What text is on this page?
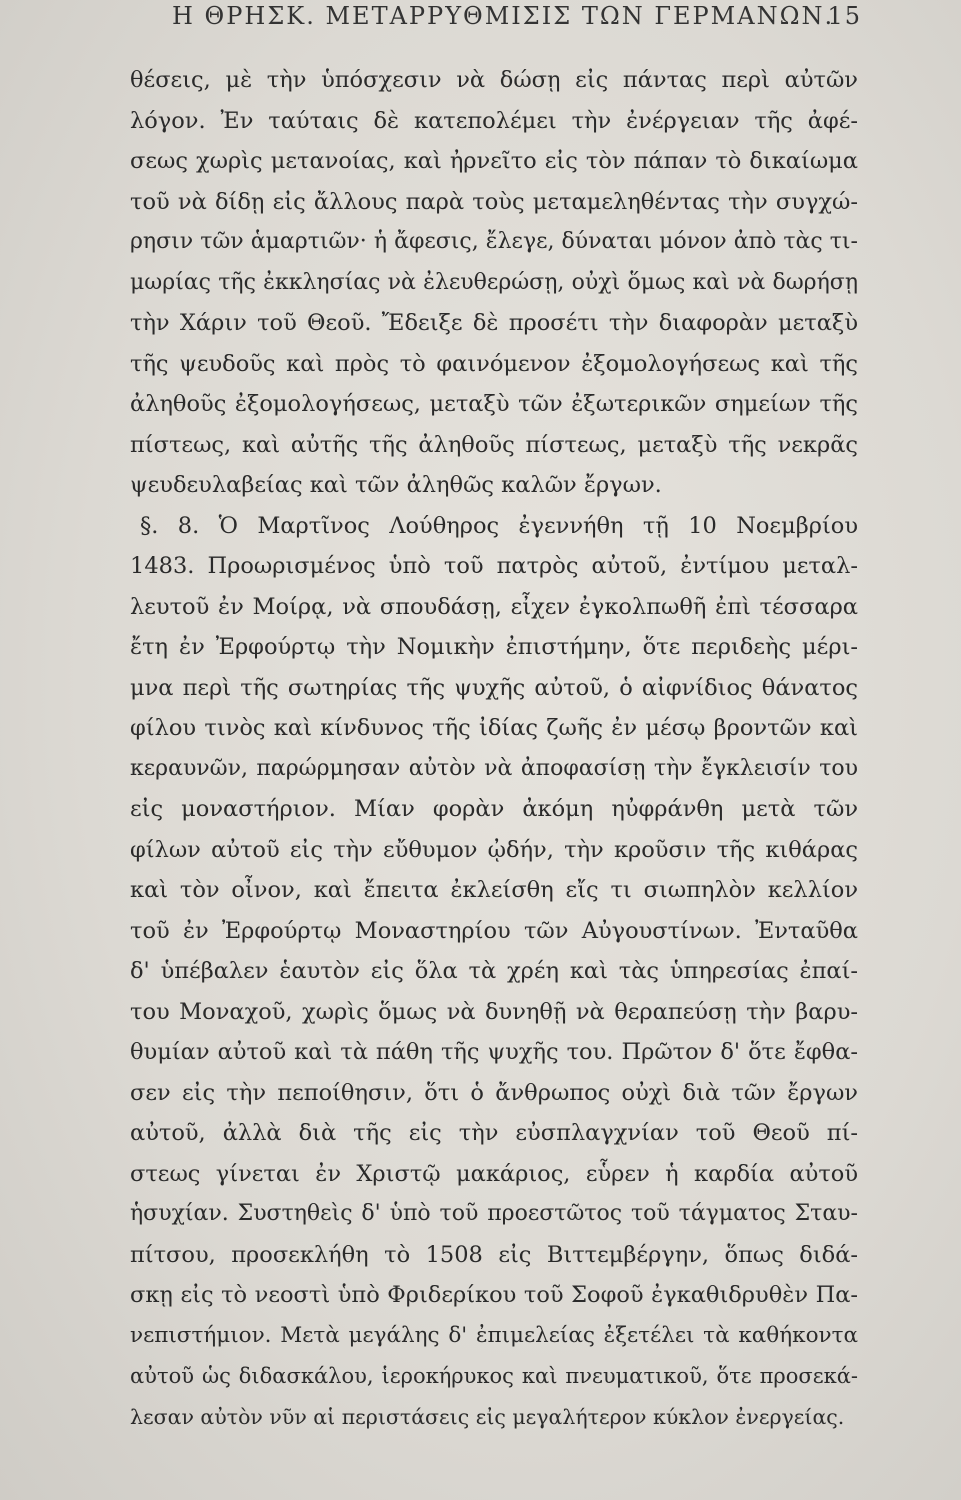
Η ΘΡΗΣΚ. ΜΕΤΑΡΡΥΘΜΙΣΙΣ ΤΩΝ ΓΕΡΜΑΝΩΝ.
15
θέσεις, μὲ τὴν ὑπόσχεσιν νὰ δώσῃ εἰς πάντας περὶ αὐτῶν
λόγον. Ἐν ταύταις δὲ κατεπολέμει τὴν ἐνέργειαν τῆς ἀφέ-
σεως χωρὶς μετανοίας, καὶ ἠρνεῖτο εἰς τὸν πάπαν τὸ δικαίωμα
τοῦ νὰ δίδῃ εἰς ἄλλους παρὰ τοὺς μεταμεληθέντας τὴν συγχώ-
ρησιν τῶν ἁμαρτιῶν· ἡ ἄφεσις, ἔλεγε, δύναται μόνον ἀπὸ τὰς τι-
μωρίας τῆς ἐκκλησίας νὰ ἐλευθερώσῃ, οὐχὶ ὅμως καὶ νὰ δωρήσῃ
τὴν Χάριν τοῦ Θεοῦ. Ἔδειξε δὲ προσέτι τὴν διαφορὰν μεταξὺ
τῆς ψευδοῦς καὶ πρὸς τὸ φαινόμενον ἐξομολογήσεως καὶ τῆς
ἀληθοῦς ἐξομολογήσεως, μεταξὺ τῶν ἐξωτερικῶν σημείων τῆς
πίστεως, καὶ αὐτῆς τῆς ἀληθοῦς πίστεως, μεταξὺ τῆς νεκρᾶς
ψευδευλαβείας καὶ τῶν ἀληθῶς καλῶν ἔργων.
§. 8. Ὁ Μαρτῖνος Λούθηρος ἐγεννήθη τῇ 10 Νοεμβρίου
1483. Προωρισμένος ὑπὸ τοῦ πατρὸς αὐτοῦ, ἐντίμου μεταλ-
λευτοῦ ἐν Μοίρᾳ, νὰ σπουδάσῃ, εἶχεν ἐγκολπωθῆ ἐπὶ τέσσαρα
ἔτη ἐν Ἐρφούρτῳ τὴν Νομικὴν ἐπιστήμην, ὅτε περιδεὴς μέρι-
μνα περὶ τῆς σωτηρίας τῆς ψυχῆς αὐτοῦ, ὁ αἰφνίδιος θάνατος
φίλου τινὸς καὶ κίνδυνος τῆς ἰδίας ζωῆς ἐν μέσῳ βροντῶν καὶ
κεραυνῶν, παρώρμησαν αὐτὸν νὰ ἀποφασίσῃ τὴν ἔγκλεισίν του
εἰς μοναστήριον. Μίαν φορὰν ἀκόμη ηὐφράνθη μετὰ τῶν
φίλων αὐτοῦ εἰς τὴν εὔθυμον ᾠδήν, τὴν κροῦσιν τῆς κιθάρας
καὶ τὸν οἶνον, καὶ ἔπειτα ἐκλείσθη εἴς τι σιωπηλὸν κελλίον
τοῦ ἐν Ἐρφούρτῳ Μοναστηρίου τῶν Αὐγουστίνων. Ἐνταῦθα
δ' ὑπέβαλεν ἑαυτὸν εἰς ὅλα τὰ χρέη καὶ τὰς ὑπηρεσίας ἐπαί-
του Μοναχοῦ, χωρὶς ὅμως νὰ δυνηθῇ νὰ θεραπεύσῃ τὴν βαρυ-
θυμίαν αὐτοῦ καὶ τὰ πάθη τῆς ψυχῆς του. Πρῶτον δ' ὅτε ἔφθα-
σεν εἰς τὴν πεποίθησιν, ὅτι ὁ ἄνθρωπος οὐχὶ διὰ τῶν ἔργων
αὐτοῦ, ἀλλὰ διὰ τῆς εἰς τὴν εὐσπλαγχνίαν τοῦ Θεοῦ πί-
στεως γίνεται ἐν Χριστῷ μακάριος, εὗρεν ἡ καρδία αὐτοῦ
ἡσυχίαν. Συστηθεὶς δ' ὑπὸ τοῦ προεστῶτος τοῦ τάγματος Σταυ-
πίτσου, προσεκλήθη τὸ 1508 εἰς Βιττεμβέργην, ὅπως διδά-
σκῃ εἰς τὸ νεοστὶ ὑπὸ Φριδερίκου τοῦ Σοφοῦ ἐγκαθιδρυθὲν Πα-
νεπιστήμιον. Μετὰ μεγάλης δ' ἐπιμελείας ἐξετέλει τὰ καθήκοντα
αὐτοῦ ὡς διδασκάλου, ἱεροκήρυκος καὶ πνευματικοῦ, ὅτε προσεκά-
λεσαν αὐτὸν νῦν αἱ περιστάσεις εἰς μεγαλήτερον κύκλον ἐνεργείας.
